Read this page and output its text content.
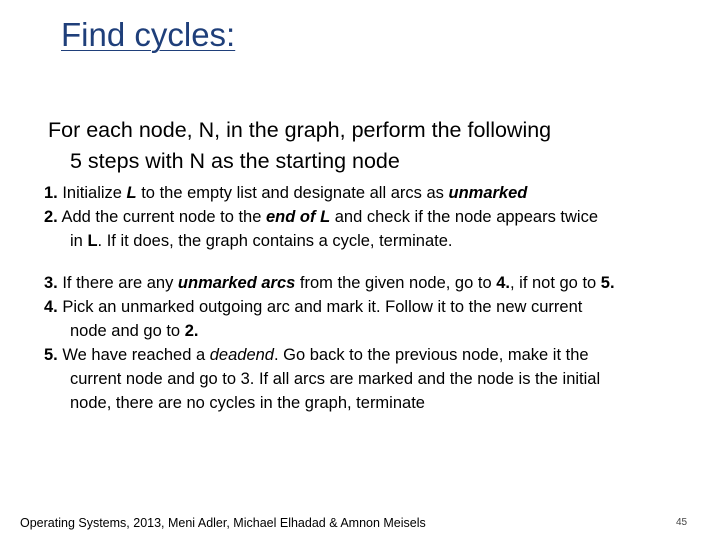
Find cycles:
For each node, N, in the graph, perform the following
5 steps with N as the starting node
1. Initialize L to the empty list and designate all arcs as unmarked
2. Add the current node to the end of L and check if the node appears twice
in L. If it does, the graph contains a cycle, terminate.
3. If there are any unmarked arcs from the given node, go to 4., if not go to 5.
4. Pick an unmarked outgoing arc and mark it. Follow it to the new current
node and go to 2.
5. We have reached a deadend. Go back to the previous node, make it the
current node and go to 3. If all arcs are marked and the node is the initial
node, there are no cycles in the graph, terminate
Operating Systems, 2013, Meni Adler, Michael Elhadad & Amnon Meisels	45
